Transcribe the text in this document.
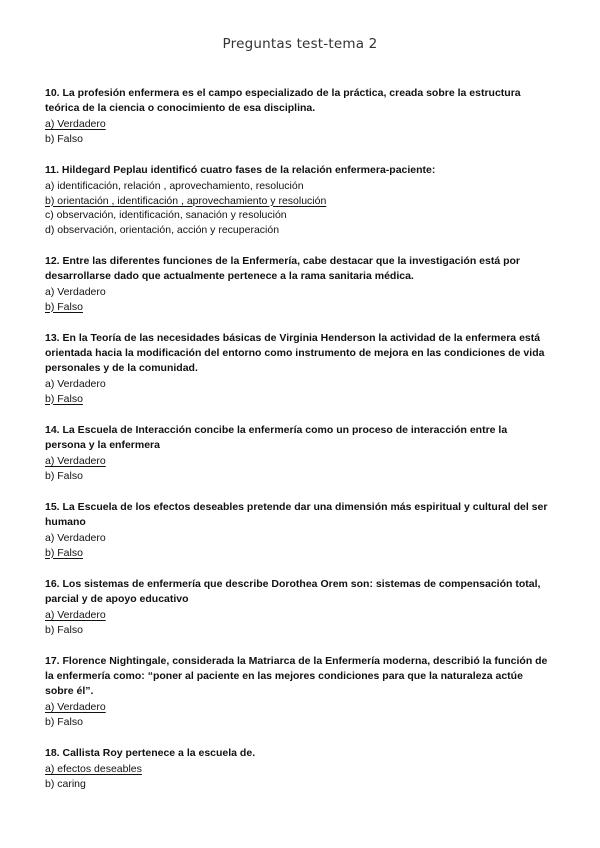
Preguntas test-tema 2

10. La profesión enfermera es el campo especializado de la práctica, creada sobre la estructura teórica de la ciencia o conocimiento de esa disciplina.

a) Verdadero

b) Falso

11. Hildegard Peplau identificó cuatro fases de la relación enfermera-paciente:

a) identificación, relación , aprovechamiento, resolución

b) orientación , identificación , aprovechamiento y resolución

c) observación, identificación, sanación y resolución

d) observación, orientación, acción y recuperación

12. Entre las diferentes funciones de la Enfermería, cabe destacar que la investigación está por desarrollarse dado que actualmente pertenece a la rama sanitaria médica.

a) Verdadero

b) Falso

13. En la Teoría de las necesidades básicas de Virginia Henderson la actividad de la enfermera está orientada hacia la modificación del entorno como instrumento de mejora en las condiciones de vida personales y de la comunidad.

a) Verdadero

b) Falso

14. La Escuela de Interacción concibe la enfermería como un proceso de interacción entre la persona y la enfermera

a) Verdadero

b) Falso

15. La Escuela de los efectos deseables pretende dar una dimensión más espiritual y cultural del ser humano

a) Verdadero

b) Falso

16. Los sistemas de enfermería que describe Dorothea Orem son: sistemas de compensación total, parcial y de apoyo educativo

a) Verdadero

b) Falso

17. Florence Nightingale, considerada la Matriarca de la Enfermería moderna, describió la función de la enfermería como: “poner al paciente en las mejores condiciones para que la naturaleza actúe sobre él”.

a) Verdadero

b) Falso

18. Callista Roy pertenece a la escuela de.

a) efectos deseables

b) caring
